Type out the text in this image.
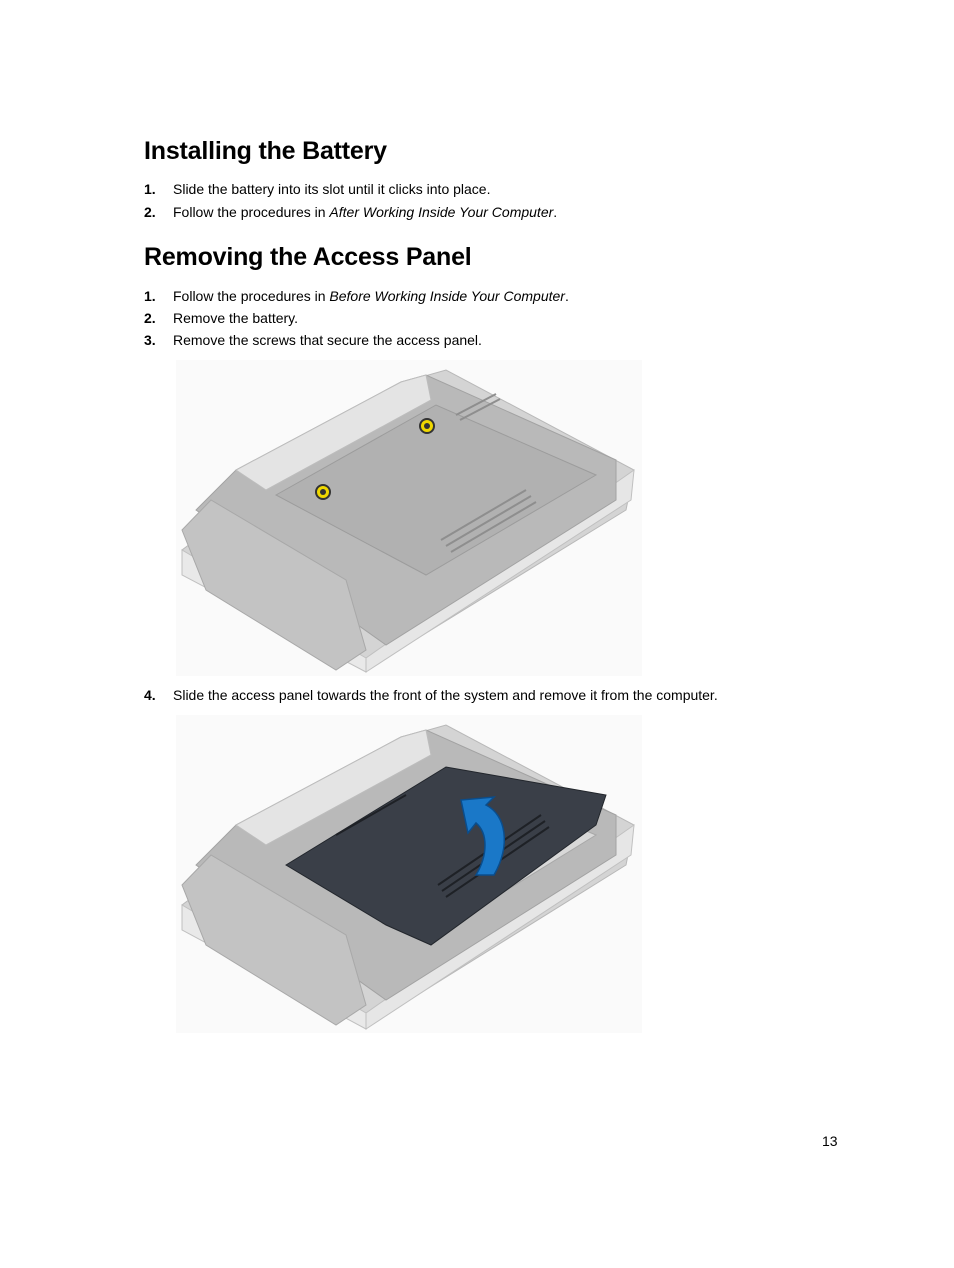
Installing the Battery
1. Slide the battery into its slot until it clicks into place.
2. Follow the procedures in After Working Inside Your Computer.
Removing the Access Panel
1. Follow the procedures in Before Working Inside Your Computer.
2. Remove the battery.
3. Remove the screws that secure the access panel.
4. Slide the access panel towards the front of the system and remove it from the computer.
13
